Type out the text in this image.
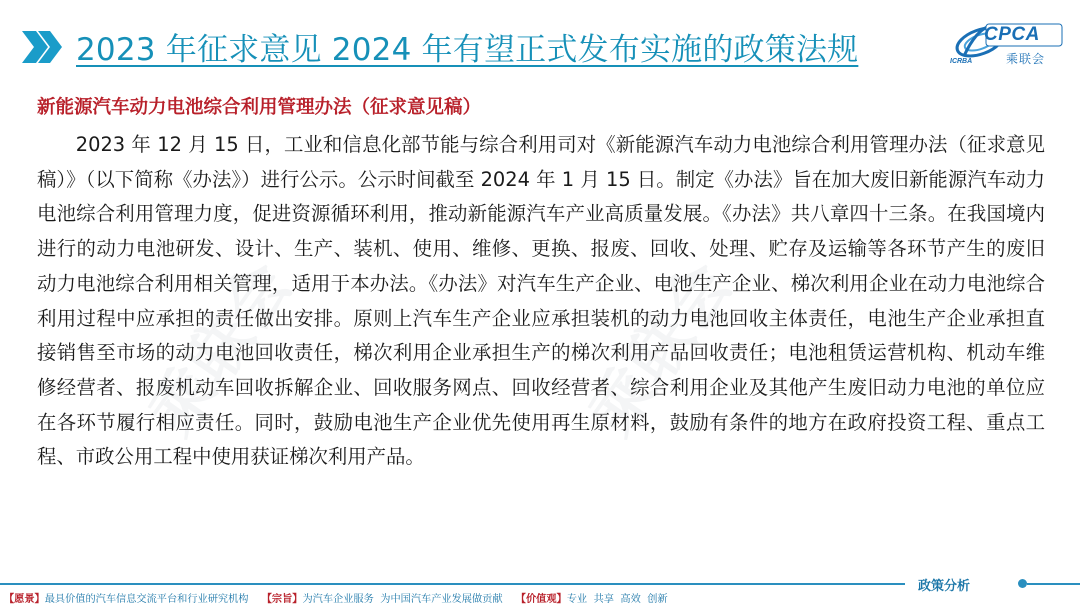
乘联会	乘联会
2023 年征求意见 2024 年有望正式发布实施的政策法规	CPCA
乘联会
ICRBA
新能源汽车动力电池综合利用管理办法（征求意见稿）

2023 年 12 月 15 日，工业和信息化部节能与综合利用司对《新能源汽车动力电池综合利用管理办法（征求意见稿）》（以下简称《办法》）进行公示。公示时间截至 2024 年 1 月 15 日。制定《办法》旨在加大废旧新能源汽车动力电池综合利用管理力度，促进资源循环利用，推动新能源汽车产业高质量发展。《办法》共八章四十三条。在我国境内进行的动力电池研发、设计、生产、装机、使用、维修、更换、报废、回收、处理、贮存及运输等各环节产生的废旧动力电池综合利用相关管理，适用于本办法。《办法》对汽车生产企业、电池生产企业、梯次利用企业在动力电池综合利用过程中应承担的责任做出安排。原则上汽车生产企业应承担装机的动力电池回收主体责任，电池生产企业承担直接销售至市场的动力电池回收责任，梯次利用企业承担生产的梯次利用产品回收责任；电池租赁运营机构、机动车维修经营者、报废机动车回收拆解企业、回收服务网点、回收经营者、综合利用企业及其他产生废旧动力电池的单位应在各环节履行相应责任。同时，鼓励电池生产企业优先使用再生原材料，鼓励有条件的地方在政府投资工程、重点工程、市政公用工程中使用获证梯次利用产品。

政策分析
【愿景】最具价值的汽车信息交流平台和行业研究机构 【宗旨】为汽车企业服务  为中国汽车产业发展做贡献 【价值观】专业  共享  高效  创新
